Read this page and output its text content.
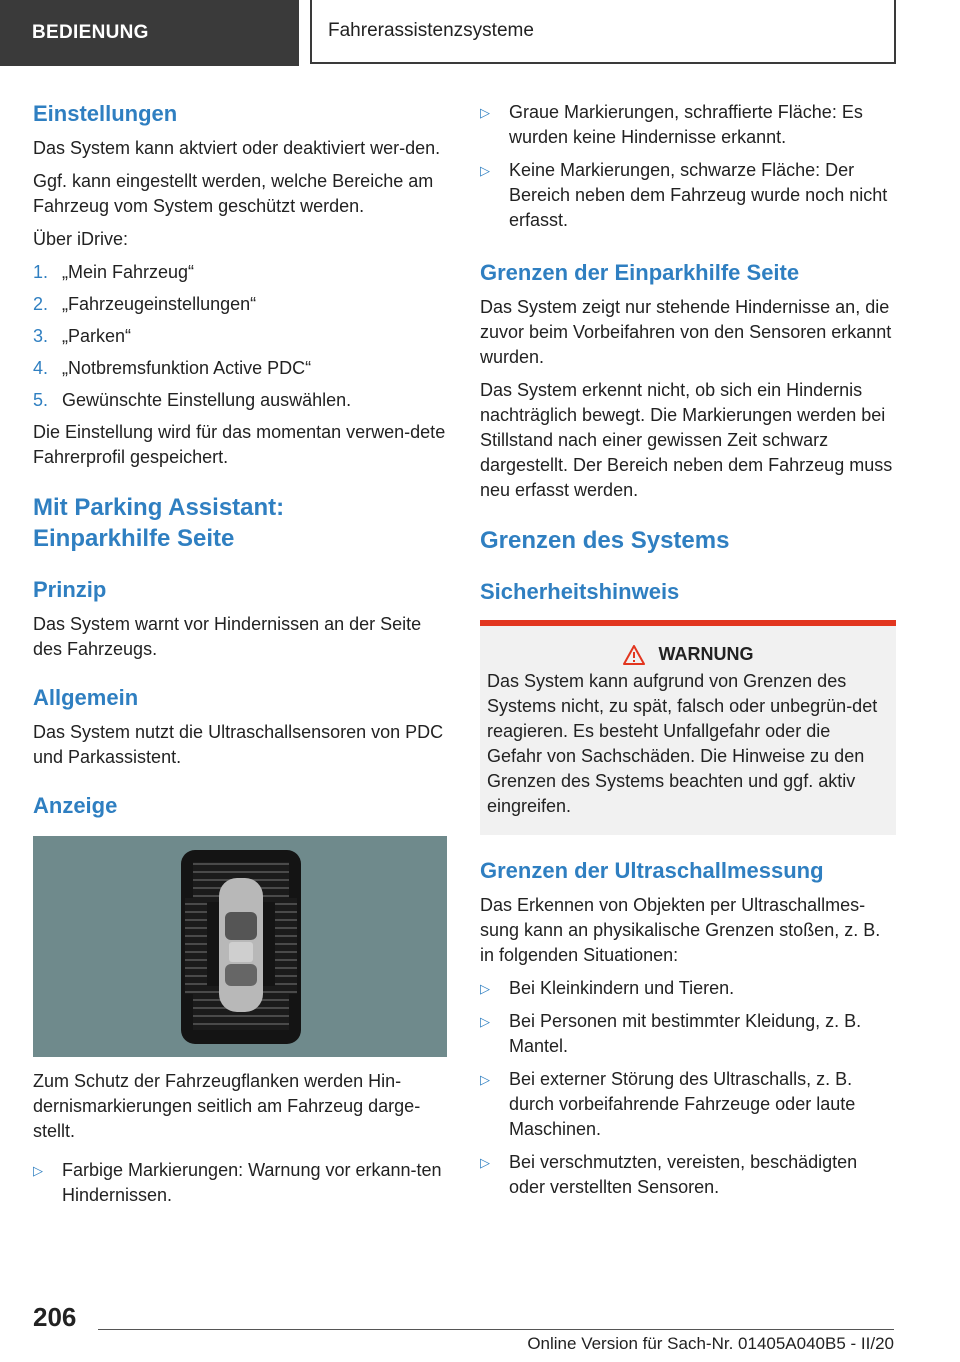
BEDIENUNG	Fahrerassistenzsysteme
Einstellungen

Das System kann aktviert oder deaktiviert wer-den.

Ggf. kann eingestellt werden, welche Bereiche am Fahrzeug vom System geschützt werden.

Über iDrive:

1. „Mein Fahrzeug“
2. „Fahrzeugeinstellungen“
3. „Parken“
4. „Notbremsfunktion Active PDC“
5. Gewünschte Einstellung auswählen.

Die Einstellung wird für das momentan verwen-dete Fahrerprofil gespeichert.

Mit Parking Assistant:
Einparkhilfe Seite
Prinzip

Das System warnt vor Hindernissen an der Seite des Fahrzeugs.

Allgemein

Das System nutzt die Ultraschallsensoren von PDC und Parkassistent.

Anzeige

Zum Schutz der Fahrzeugflanken werden Hin-dernismarkierungen seitlich am Fahrzeug darge-stellt.

▷	Farbige Markierungen: Warnung vor erkann-ten Hindernissen.
▷	Graue Markierungen, schraffierte Fläche: Es wurden keine Hindernisse erkannt.
▷	Keine Markierungen, schwarze Fläche: Der Bereich neben dem Fahrzeug wurde noch nicht erfasst.
Grenzen der Einparkhilfe Seite

Das System zeigt nur stehende Hindernisse an, die zuvor beim Vorbeifahren von den Sensoren erkannt wurden.

Das System erkennt nicht, ob sich ein Hindernis nachträglich bewegt. Die Markierungen werden bei Stillstand nach einer gewissen Zeit schwarz dargestellt. Der Bereich neben dem Fahrzeug muss neu erfasst werden.

Grenzen des Systems
Sicherheitshinweis
WARNUNG

Das System kann aufgrund von Grenzen des Systems nicht, zu spät, falsch oder unbegrün-det reagieren. Es besteht Unfallgefahr oder die Gefahr von Sachschäden. Die Hinweise zu den Grenzen des Systems beachten und ggf. aktiv eingreifen.

Grenzen der Ultraschallmessung

Das Erkennen von Objekten per Ultraschallmes-sung kann an physikalische Grenzen stoßen, z. B. in folgenden Situationen:

▷	Bei Kleinkindern und Tieren.
▷	Bei Personen mit bestimmter Kleidung, z. B. Mantel.
▷	Bei externer Störung des Ultraschalls, z. B. durch vorbeifahrende Fahrzeuge oder laute Maschinen.
▷	Bei verschmutzten, vereisten, beschädigten oder verstellten Sensoren.
206
Online Version für Sach-Nr. 01405A040B5 - II/20
